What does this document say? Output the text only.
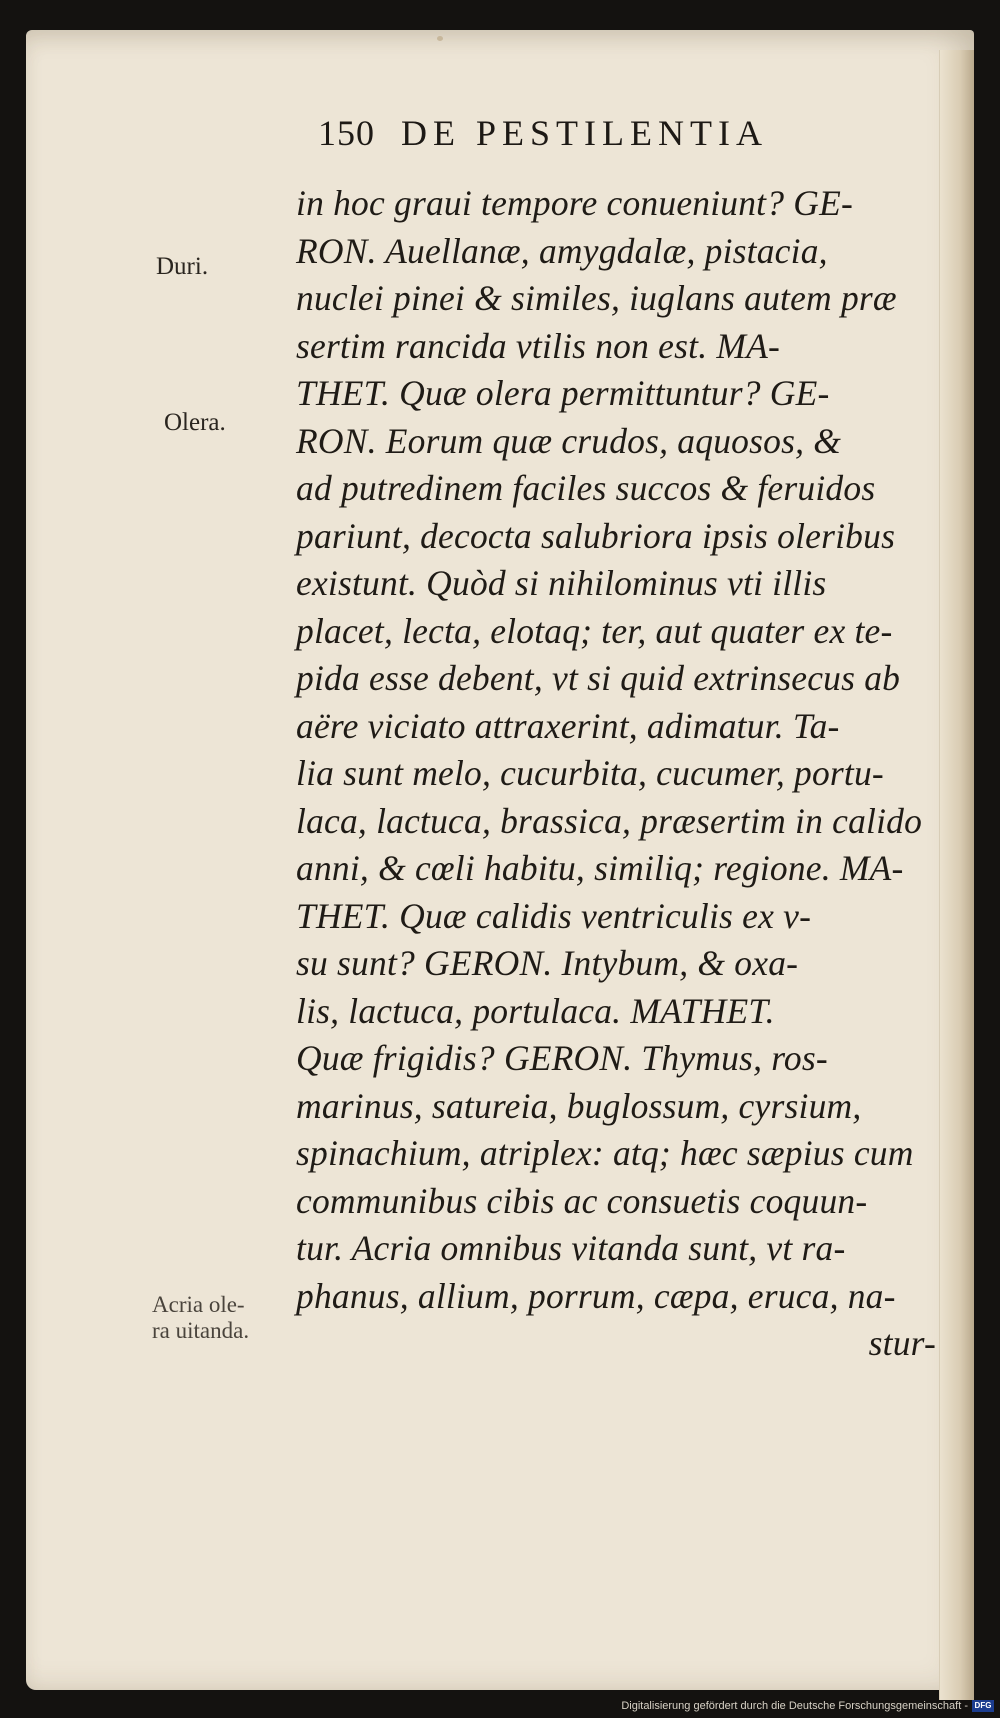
150 DE PESTILENTIA
Duri.
Olera.
Acria ole-
ra uitanda.
in hoc graui tempore conueniunt? GE-
RON. Auellanæ, amygdalæ, pistacia,
nuclei pinei & similes, iuglans autem præ
sertim rancida vtilis non est. MA-
THET. Quæ olera permittuntur? GE-
RON. Eorum quæ crudos, aquosos, &
ad putredinem faciles succos & feruidos
pariunt, decocta salubriora ipsis oleribus
existunt. Quòd si nihilominus vti illis
placet, lecta, elotaq; ter, aut quater ex te-
pida esse debent, vt si quid extrinsecus ab
aëre viciato attraxerint, adimatur. Ta-
lia sunt melo, cucurbita, cucumer, portu-
laca, lactuca, brassica, præsertim in calido
anni, & cœli habitu, similiq; regione. MA-
THET. Quæ calidis ventriculis ex v-
su sunt? GERON. Intybum, & oxa-
lis, lactuca, portulaca. MATHET.
Quæ frigidis? GERON. Thymus, ros-
marinus, satureia, buglossum, cyrsium,
spinachium, atriplex: atq; hæc sæpius cum
communibus cibis ac consuetis coquun-
tur. Acria omnibus vitanda sunt, vt ra-
phanus, allium, porrum, cæpa, eruca, na-
stur-
Digitalisierung gefördert durch die Deutsche Forschungsgemeinschaft - DFG
